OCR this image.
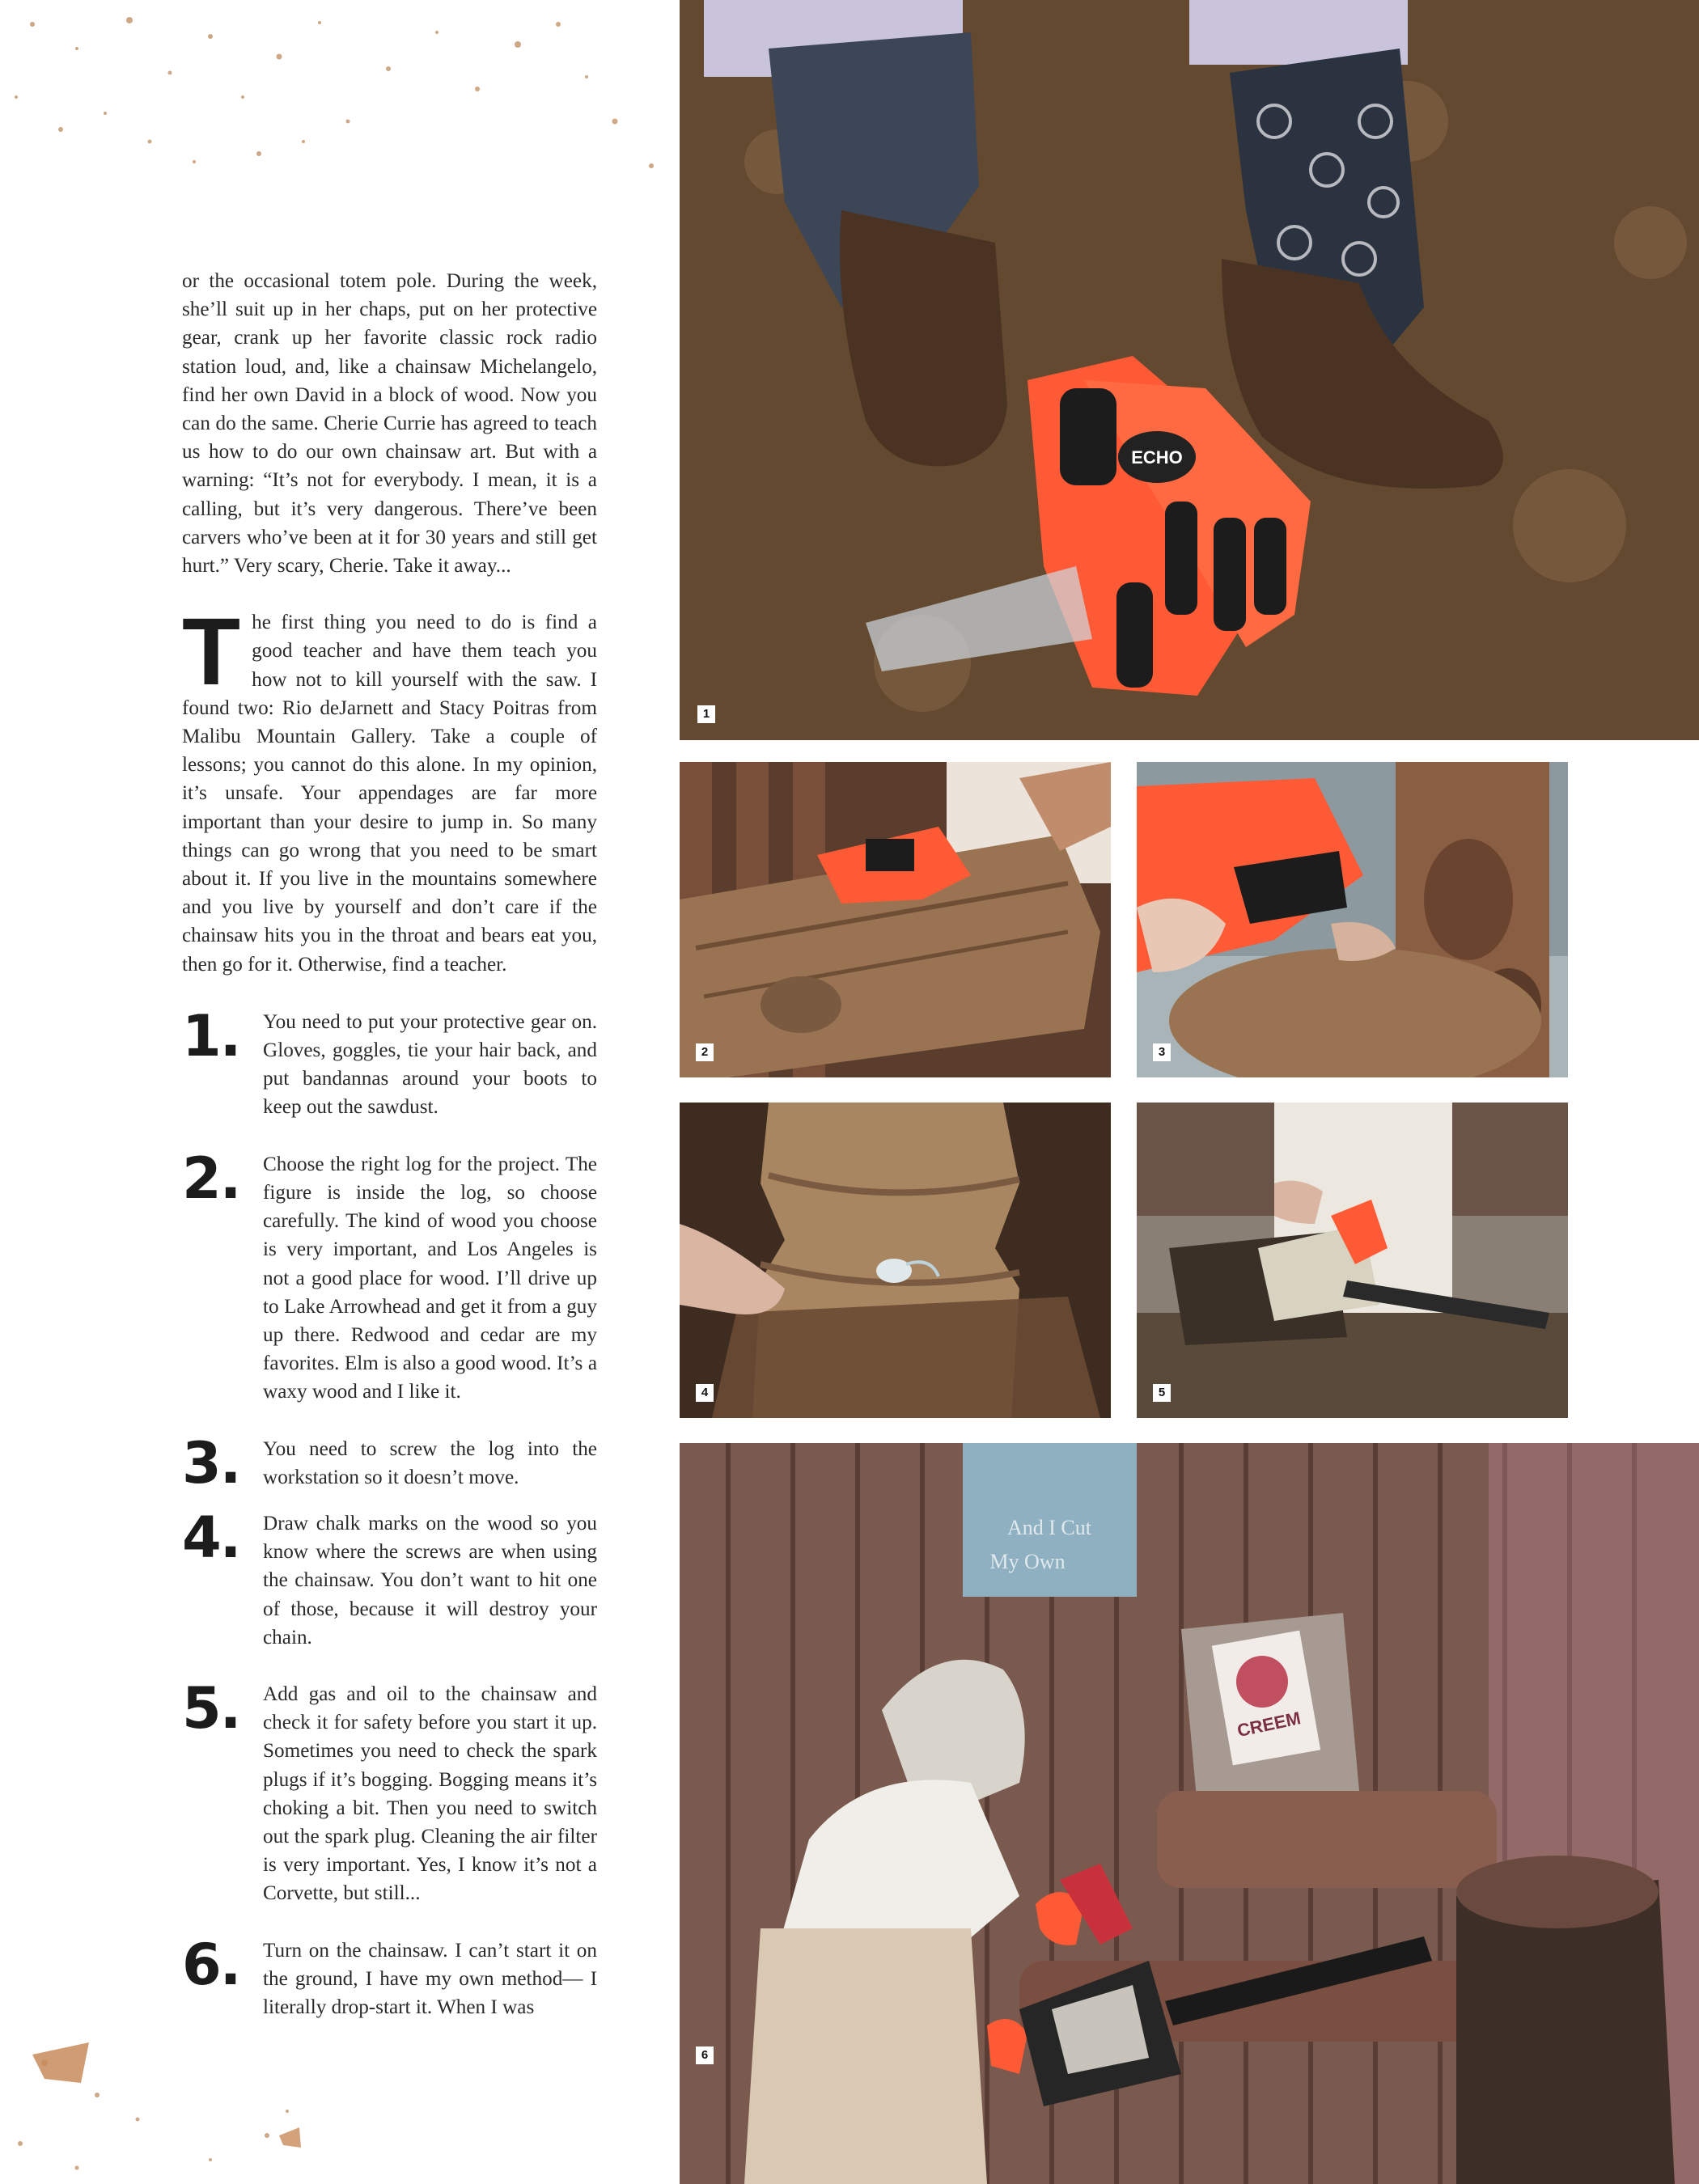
or the occasional totem pole. During the week, she’ll suit up in her chaps, put on her protective gear, crank up her favorite classic rock radio station loud, and, like a chainsaw Michelangelo, find her own David in a block of wood. Now you can do the same. Cherie Currie has agreed to teach us how to do our own chainsaw art. But with a warning: “It’s not for everybody. I mean, it is a calling, but it’s very dangerous. There’ve been carvers who’ve been at it for 30 years and still get hurt.” Very scary, Cherie. Take it away...

The first thing you need to do is find a good teacher and have them teach you how not to kill yourself with the saw. I found two: Rio deJarnett and Stacy Poitras from Malibu Mountain Gallery. Take a couple of lessons; you cannot do this alone. In my opinion, it’s unsafe. Your appendages are far more important than your desire to jump in. So many things can go wrong that you need to be smart about it. If you live in the mountains somewhere and you live by yourself and don’t care if the chainsaw hits you in the throat and bears eat you, then go for it. Otherwise, find a teacher.

1.	You need to put your protective gear on. Gloves, goggles, tie your hair back, and put bandannas around your boots to keep out the sawdust.
2.	Choose the right log for the project. The figure is inside the log, so choose carefully. The kind of wood you choose is very important, and Los Angeles is not a good place for wood. I’ll drive up to Lake Arrowhead and get it from a guy up there. Redwood and cedar are my favorites. Elm is also a good wood. It’s a waxy wood and I like it.
3.	You need to screw the log into the workstation so it doesn’t move.
4.	Draw chalk marks on the wood so you know where the screws are when using the chainsaw. You don’t want to hit one of those, because it will destroy your chain.
5.	Add gas and oil to the chainsaw and check it for safety before you start it up. Sometimes you need to check the spark plugs if it’s bogging. Bogging means it’s choking a bit. Then you need to switch out the spark plug. Cleaning the air filter is very important. Yes, I know it’s not a Corvette, but still...
6.	Turn on the chainsaw. I can’t start it on the ground, I have my own method— I literally drop-start it. When I was
ECHO
1
2	3
4	5
And I Cut
My Own
CREEM
6
